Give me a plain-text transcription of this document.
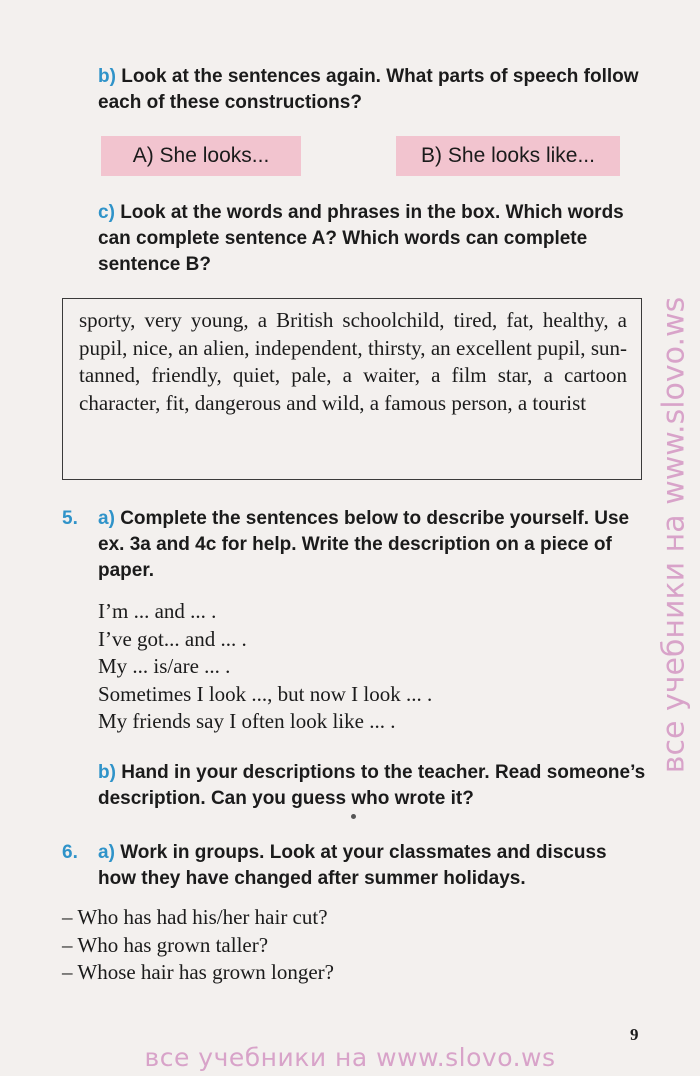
b) Look at the sentences again. What parts of speech follow each of these constructions?
A) She looks...	B) She looks like...
c) Look at the words and phrases in the box. Which words can complete sentence A? Which words can complete sentence B?
sporty, very young, a British schoolchild, tired, fat, healthy, a pupil, nice, an alien, independent, thirsty, an excellent pupil, sun-tanned, friendly, quiet, pale, a waiter, a film star, a cartoon character, fit, dangerous and wild, a famous person, a tourist
5. a) Complete the sentences below to describe yourself. Use ex. 3a and 4c for help. Write the description on a piece of paper.
I’m ... and ... .
I’ve got... and ... .
My ... is/are ... .
Sometimes I look ..., but now I look ... .
My friends say I often look like ... .
b) Hand in your descriptions to the teacher. Read someone’s description. Can you guess who wrote it?
6. a) Work in groups. Look at your classmates and discuss how they have changed after summer holidays.
– Who has had his/her hair cut?
– Who has grown taller?
– Whose hair has grown longer?
9
все учебники на www.slovo.ws
все учебники на www.slovo.ws
